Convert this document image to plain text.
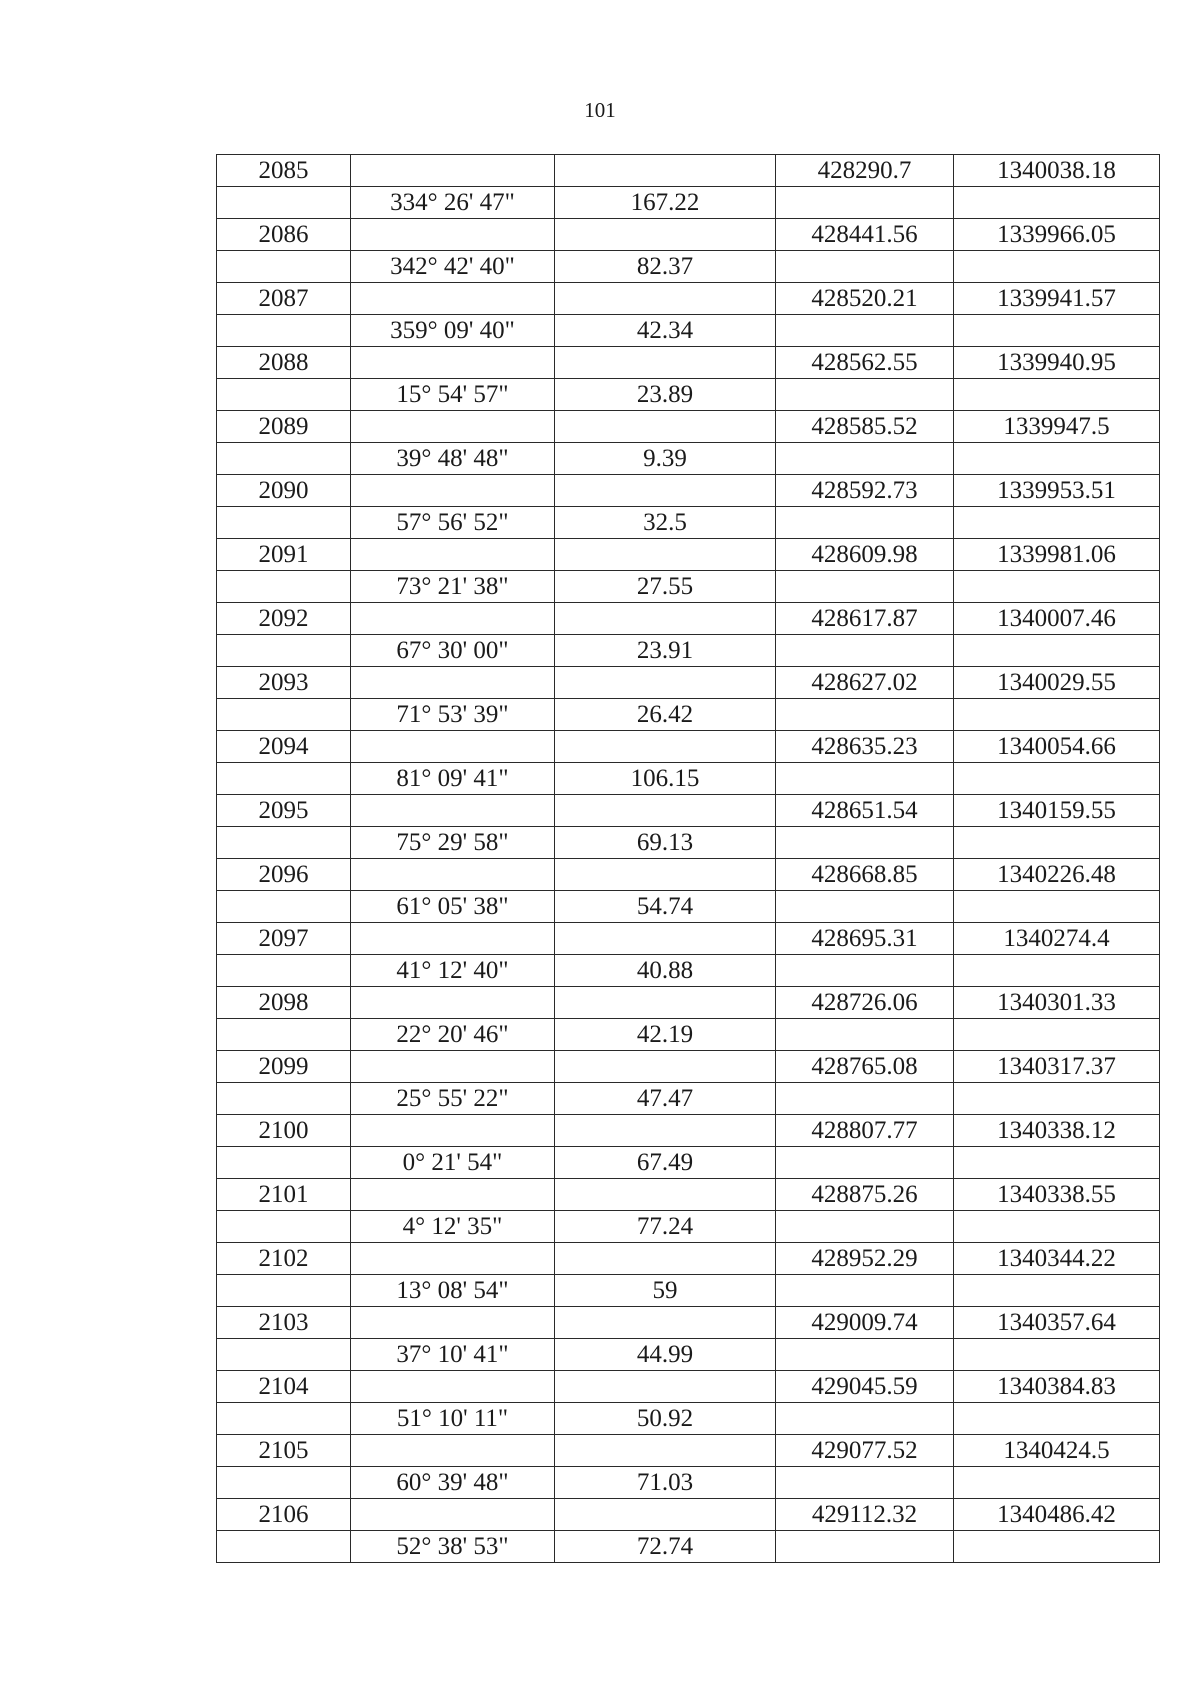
101
2085			428290.7	1340038.18
	334° 26' 47"	167.22		
2086			428441.56	1339966.05
	342° 42' 40"	82.37		
2087			428520.21	1339941.57
	359° 09' 40"	42.34		
2088			428562.55	1339940.95
	15° 54' 57"	23.89		
2089			428585.52	1339947.5
	39° 48' 48"	9.39		
2090			428592.73	1339953.51
	57° 56' 52"	32.5		
2091			428609.98	1339981.06
	73° 21' 38"	27.55		
2092			428617.87	1340007.46
	67° 30' 00"	23.91		
2093			428627.02	1340029.55
	71° 53' 39"	26.42		
2094			428635.23	1340054.66
	81° 09' 41"	106.15		
2095			428651.54	1340159.55
	75° 29' 58"	69.13		
2096			428668.85	1340226.48
	61° 05' 38"	54.74		
2097			428695.31	1340274.4
	41° 12' 40"	40.88		
2098			428726.06	1340301.33
	22° 20' 46"	42.19		
2099			428765.08	1340317.37
	25° 55' 22"	47.47		
2100			428807.77	1340338.12
	0° 21' 54"	67.49		
2101			428875.26	1340338.55
	4° 12' 35"	77.24		
2102			428952.29	1340344.22
	13° 08' 54"	59		
2103			429009.74	1340357.64
	37° 10' 41"	44.99		
2104			429045.59	1340384.83
	51° 10' 11"	50.92		
2105			429077.52	1340424.5
	60° 39' 48"	71.03		
2106			429112.32	1340486.42
	52° 38' 53"	72.74		
